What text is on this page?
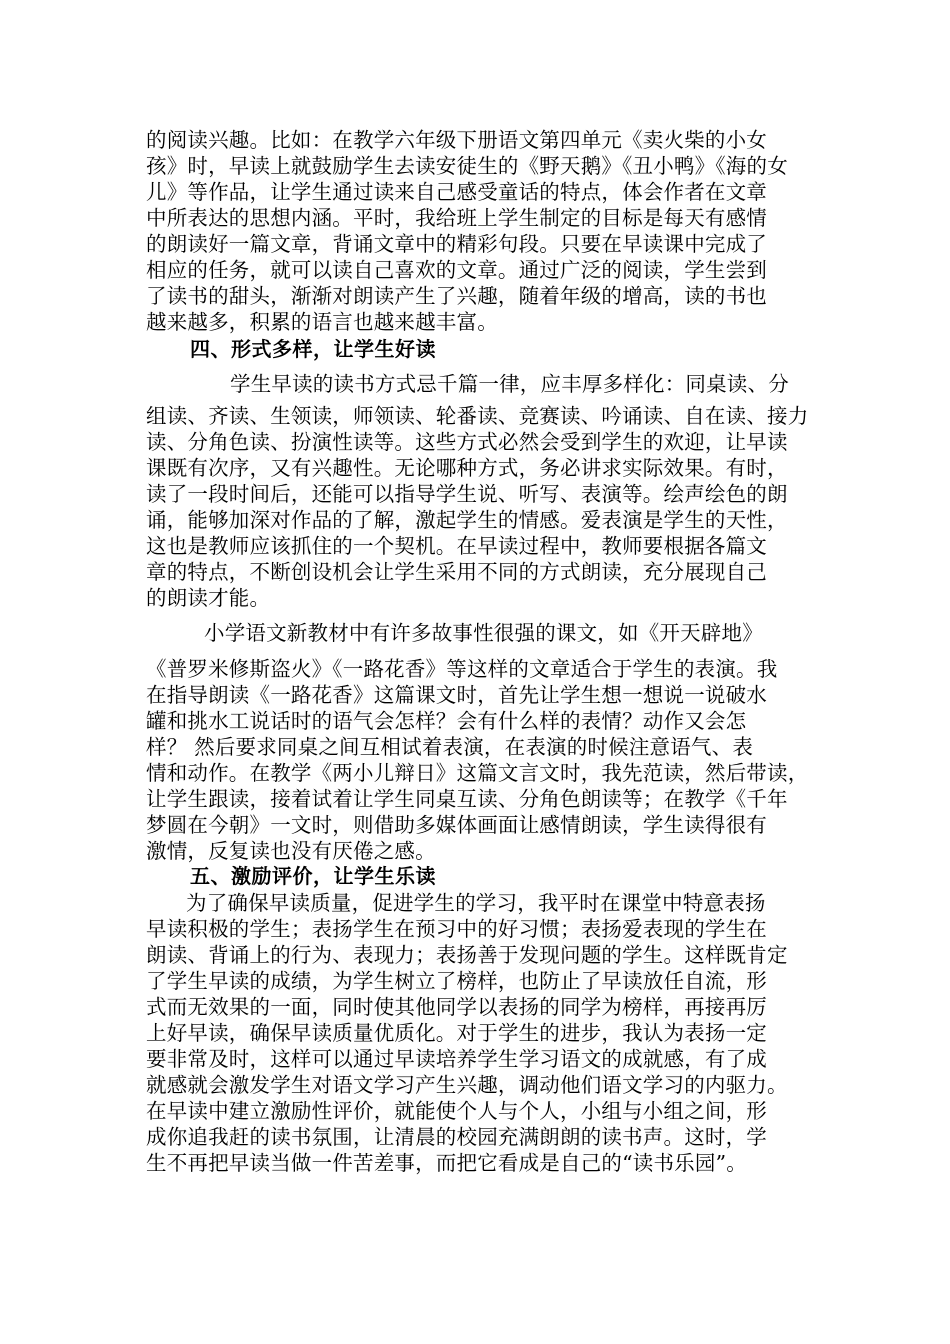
的阅读兴趣。比如：在教学六年级下册语文第四单元《卖火柴的小女
孩》时，早读上就鼓励学生去读安徒生的《野天鹅》《丑小鸭》《海的女
儿》等作品，让学生通过读来自己感受童话的特点，体会作者在文章
中所表达的思想内涵。平时，我给班上学生制定的目标是每天有感情
的朗读好一篇文章，背诵文章中的精彩句段。只要在早读课中完成了
相应的任务，就可以读自己喜欢的文章。通过广泛的阅读，学生尝到
了读书的甜头，渐渐对朗读产生了兴趣，随着年级的增高，读的书也
越来越多，积累的语言也越来越丰富。
四、形式多样，让学生好读
学生早读的读书方式忌千篇一律，应丰厚多样化：同桌读、分
组读、齐读、生领读，师领读、轮番读、竞赛读、吟诵读、自在读、接力
读、分角色读、扮演性读等。这些方式必然会受到学生的欢迎，让早读
课既有次序，又有兴趣性。无论哪种方式，务必讲求实际效果。有时，
读了一段时间后，还能可以指导学生说、听写、表演等。绘声绘色的朗
诵，能够加深对作品的了解，激起学生的情感。爱表演是学生的天性，
这也是教师应该抓住的一个契机。在早读过程中，教师要根据各篇文
章的特点，不断创设机会让学生采用不同的方式朗读，充分展现自己
的朗读才能。
小学语文新教材中有许多故事性很强的课文，如《开天辟地》
《普罗米修斯盗火》《一路花香》等这样的文章适合于学生的表演。我
在指导朗读《一路花香》这篇课文时，首先让学生想一想说一说破水
罐和挑水工说话时的语气会怎样？会有什么样的表情？动作又会怎
样？ 然后要求同桌之间互相试着表演，在表演的时候注意语气、表
情和动作。在教学《两小儿辩日》这篇文言文时，我先范读，然后带读，
让学生跟读，接着试着让学生同桌互读、分角色朗读等；在教学《千年
梦圆在今朝》一文时，则借助多媒体画面让感情朗读，学生读得很有
激情，反复读也没有厌倦之感。
五、激励评价，让学生乐读
为了确保早读质量，促进学生的学习，我平时在课堂中特意表扬
早读积极的学生；表扬学生在预习中的好习惯；表扬爱表现的学生在
朗读、背诵上的行为、表现力；表扬善于发现问题的学生。这样既肯定
了学生早读的成绩，为学生树立了榜样，也防止了早读放任自流，形
式而无效果的一面，同时使其他同学以表扬的同学为榜样，再接再厉
上好早读，确保早读质量优质化。对于学生的进步，我认为表扬一定
要非常及时，这样可以通过早读培养学生学习语文的成就感，有了成
就感就会激发学生对语文学习产生兴趣，调动他们语文学习的内驱力。
在早读中建立激励性评价，就能使个人与个人，小组与小组之间，形
成你追我赶的读书氛围，让清晨的校园充满朗朗的读书声。这时，学
生不再把早读当做一件苦差事，而把它看成是自己的“读书乐园”。
